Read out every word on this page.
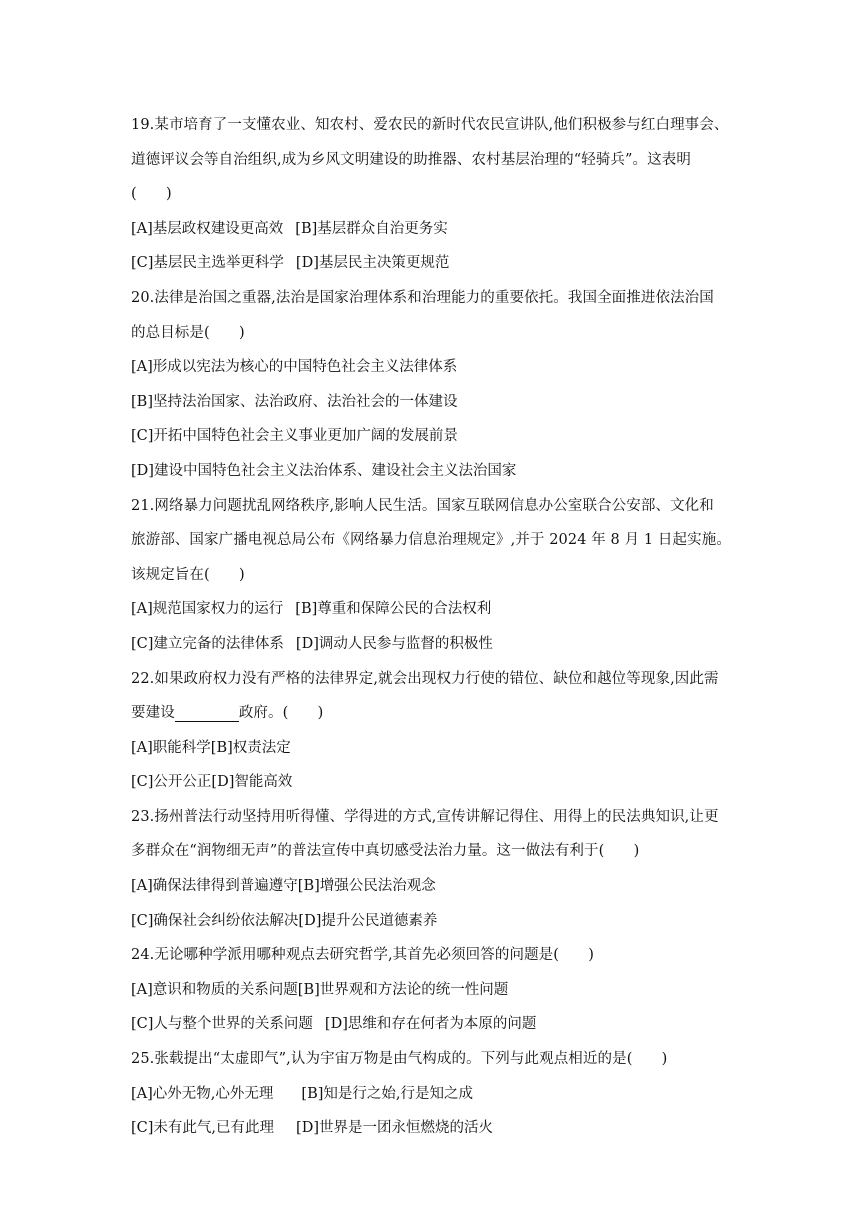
19.某市培育了一支懂农业、知农村、爱农民的新时代农民宣讲队,他们积极参与红白理事会、
道德评议会等自治组织,成为乡风文明建设的助推器、农村基层治理的“轻骑兵”。这表明
(　　)
[A]基层政权建设更高效 [B]基层群众自治更务实
[C]基层民主选举更科学 [D]基层民主决策更规范
20.法律是治国之重器,法治是国家治理体系和治理能力的重要依托。我国全面推进依法治国
的总目标是(　　)
[A]形成以宪法为核心的中国特色社会主义法律体系
[B]坚持法治国家、法治政府、法治社会的一体建设
[C]开拓中国特色社会主义事业更加广阔的发展前景
[D]建设中国特色社会主义法治体系、建设社会主义法治国家
21.网络暴力问题扰乱网络秩序,影响人民生活。国家互联网信息办公室联合公安部、文化和
旅游部、国家广播电视总局公布《网络暴力信息治理规定》,并于 2024 年 8 月 1 日起实施。
该规定旨在(　　)
[A]规范国家权力的运行 [B]尊重和保障公民的合法权利
[C]建立完备的法律体系 [D]调动人民参与监督的积极性
22.如果政府权力没有严格的法律界定,就会出现权力行使的错位、缺位和越位等现象,因此需
要建设	政府。(　　)
[A]职能科学[B]权责法定
[C]公开公正[D]智能高效
23.扬州普法行动坚持用听得懂、学得进的方式,宣传讲解记得住、用得上的民法典知识,让更
多群众在“润物细无声”的普法宣传中真切感受法治力量。这一做法有利于(　　)
[A]确保法律得到普遍遵守[B]增强公民法治观念
[C]确保社会纠纷依法解决[D]提升公民道德素养
24.无论哪种学派用哪种观点去研究哲学,其首先必须回答的问题是(　　)
[A]意识和物质的关系问题[B]世界观和方法论的统一性问题
[C]人与整个世界的关系问题 [D]思维和存在何者为本原的问题
25.张载提出“太虚即气”,认为宇宙万物是由气构成的。下列与此观点相近的是(　　)
[A]心外无物,心外无理 [B]知是行之始,行是知之成
[C]未有此气,已有此理 [D]世界是一团永恒燃烧的活火
